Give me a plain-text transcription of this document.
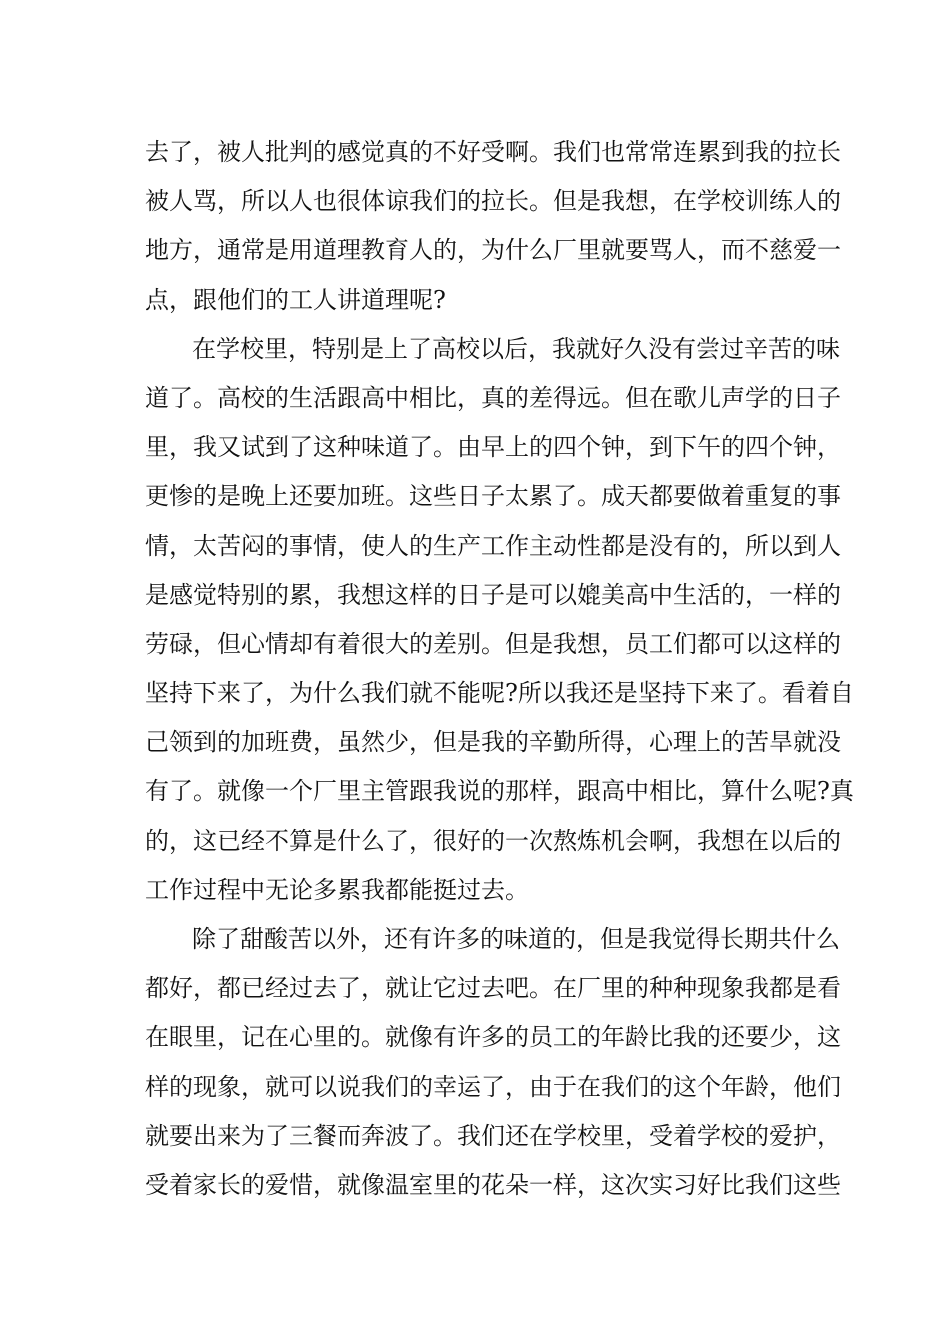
去了，被人批判的感觉真的不好受啊。我们也常常连累到我的拉长
被人骂，所以人也很体谅我们的拉长。但是我想，在学校训练人的
地方，通常是用道理教育人的，为什么厂里就要骂人，而不慈爱一
点，跟他们的工人讲道理呢?
在学校里，特别是上了高校以后，我就好久没有尝过辛苦的味
道了。高校的生活跟高中相比，真的差得远。但在歌儿声学的日子
里，我又试到了这种味道了。由早上的四个钟，到下午的四个钟，
更惨的是晚上还要加班。这些日子太累了。成天都要做着重复的事
情，太苦闷的事情，使人的生产工作主动性都是没有的，所以到人
是感觉特别的累，我想这样的日子是可以媲美高中生活的，一样的
劳碌，但心情却有着很大的差别。但是我想，员工们都可以这样的
坚持下来了，为什么我们就不能呢?所以我还是坚持下来了。看着自
己领到的加班费，虽然少，但是我的辛勤所得，心理上的苦旱就没
有了。就像一个厂里主管跟我说的那样，跟高中相比，算什么呢?真
的，这已经不算是什么了，很好的一次熬炼机会啊，我想在以后的
工作过程中无论多累我都能挺过去。
除了甜酸苦以外，还有许多的味道的，但是我觉得长期共什么
都好，都已经过去了，就让它过去吧。在厂里的种种现象我都是看
在眼里，记在心里的。就像有许多的员工的年龄比我的还要少，这
样的现象，就可以说我们的幸运了，由于在我们的这个年龄，他们
就要出来为了三餐而奔波了。我们还在学校里，受着学校的爱护，
受着家长的爱惜，就像温室里的花朵一样，这次实习好比我们这些
